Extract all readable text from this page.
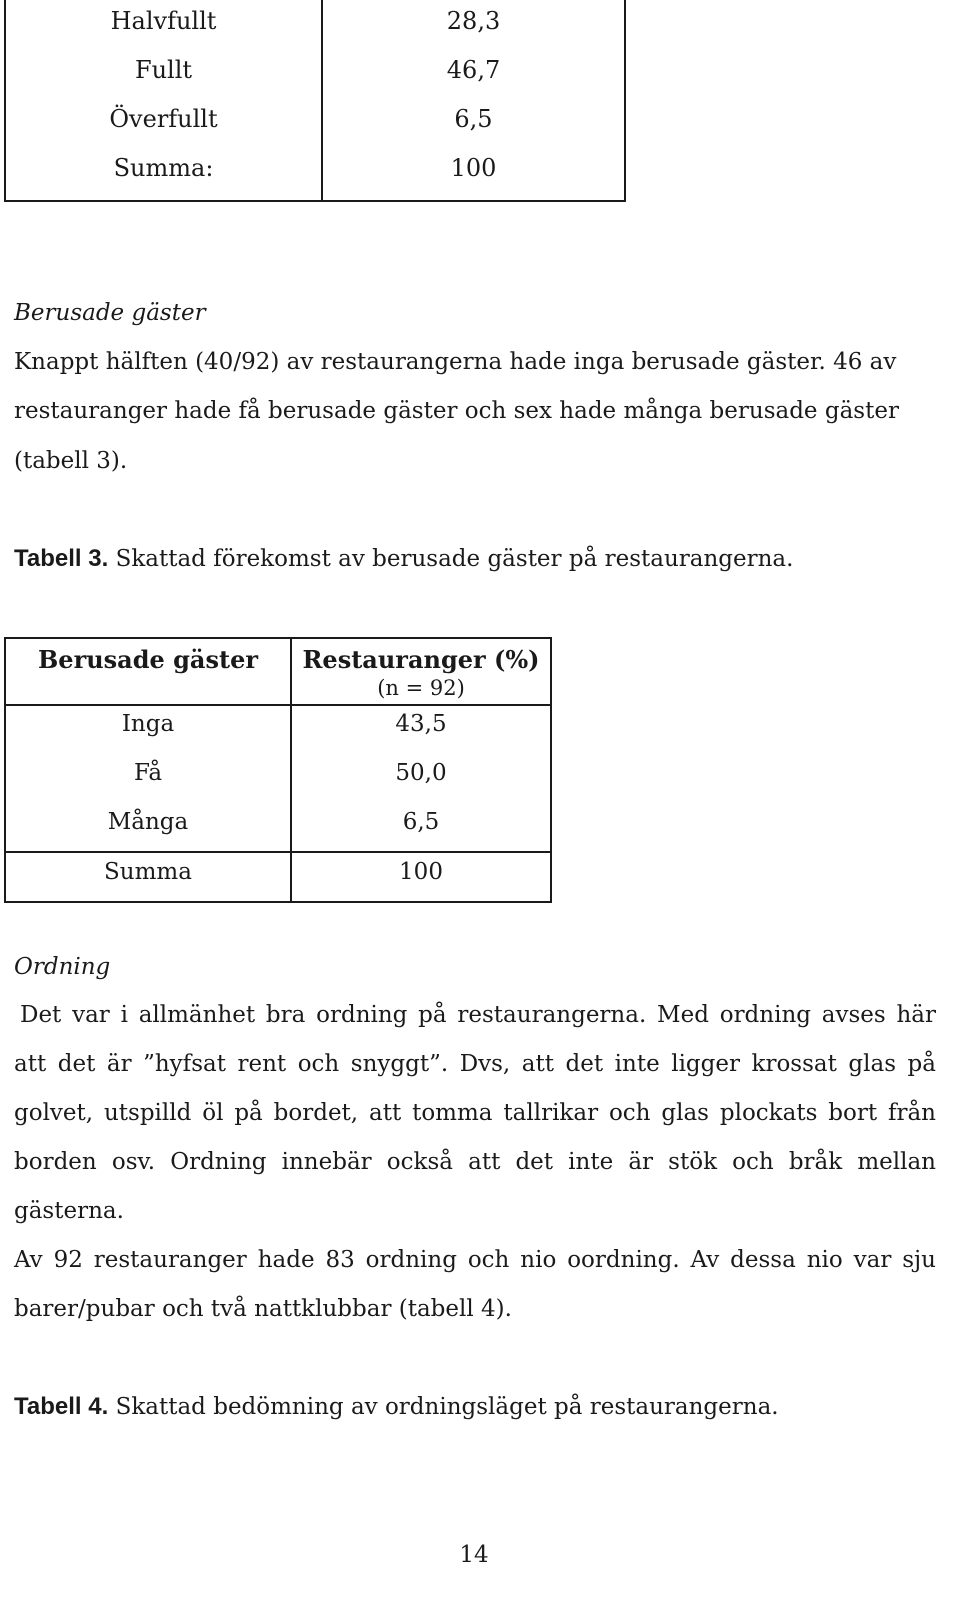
Halvfullt	28,3
Fullt	46,7
Överfullt	6,5
Summa:	100
Berusade gäster
Knappt hälften (40/92) av restaurangerna hade inga berusade gäster. 46 av
restauranger hade få berusade gäster och sex hade många berusade gäster
(tabell 3).
Tabell 3. Skattad förekomst av berusade gäster på restaurangerna.
Berusade gäster	Restauranger (%)
(n = 92)
Inga	43,5
Få	50,0
Många	6,5
Summa	100
Ordning
Det var i allmänhet bra ordning på restaurangerna. Med ordning avses här
att det är ”hyfsat rent och snyggt”. Dvs, att det inte ligger krossat glas på
golvet, utspilld öl på bordet, att tomma tallrikar och glas plockats bort från
borden osv. Ordning innebär också att det inte är stök och bråk mellan
gästerna.
Av 92 restauranger hade 83 ordning och nio oordning. Av dessa nio var sju
barer/pubar och två nattklubbar (tabell 4).
Tabell 4. Skattad bedömning av ordningsläget på restaurangerna.
14
